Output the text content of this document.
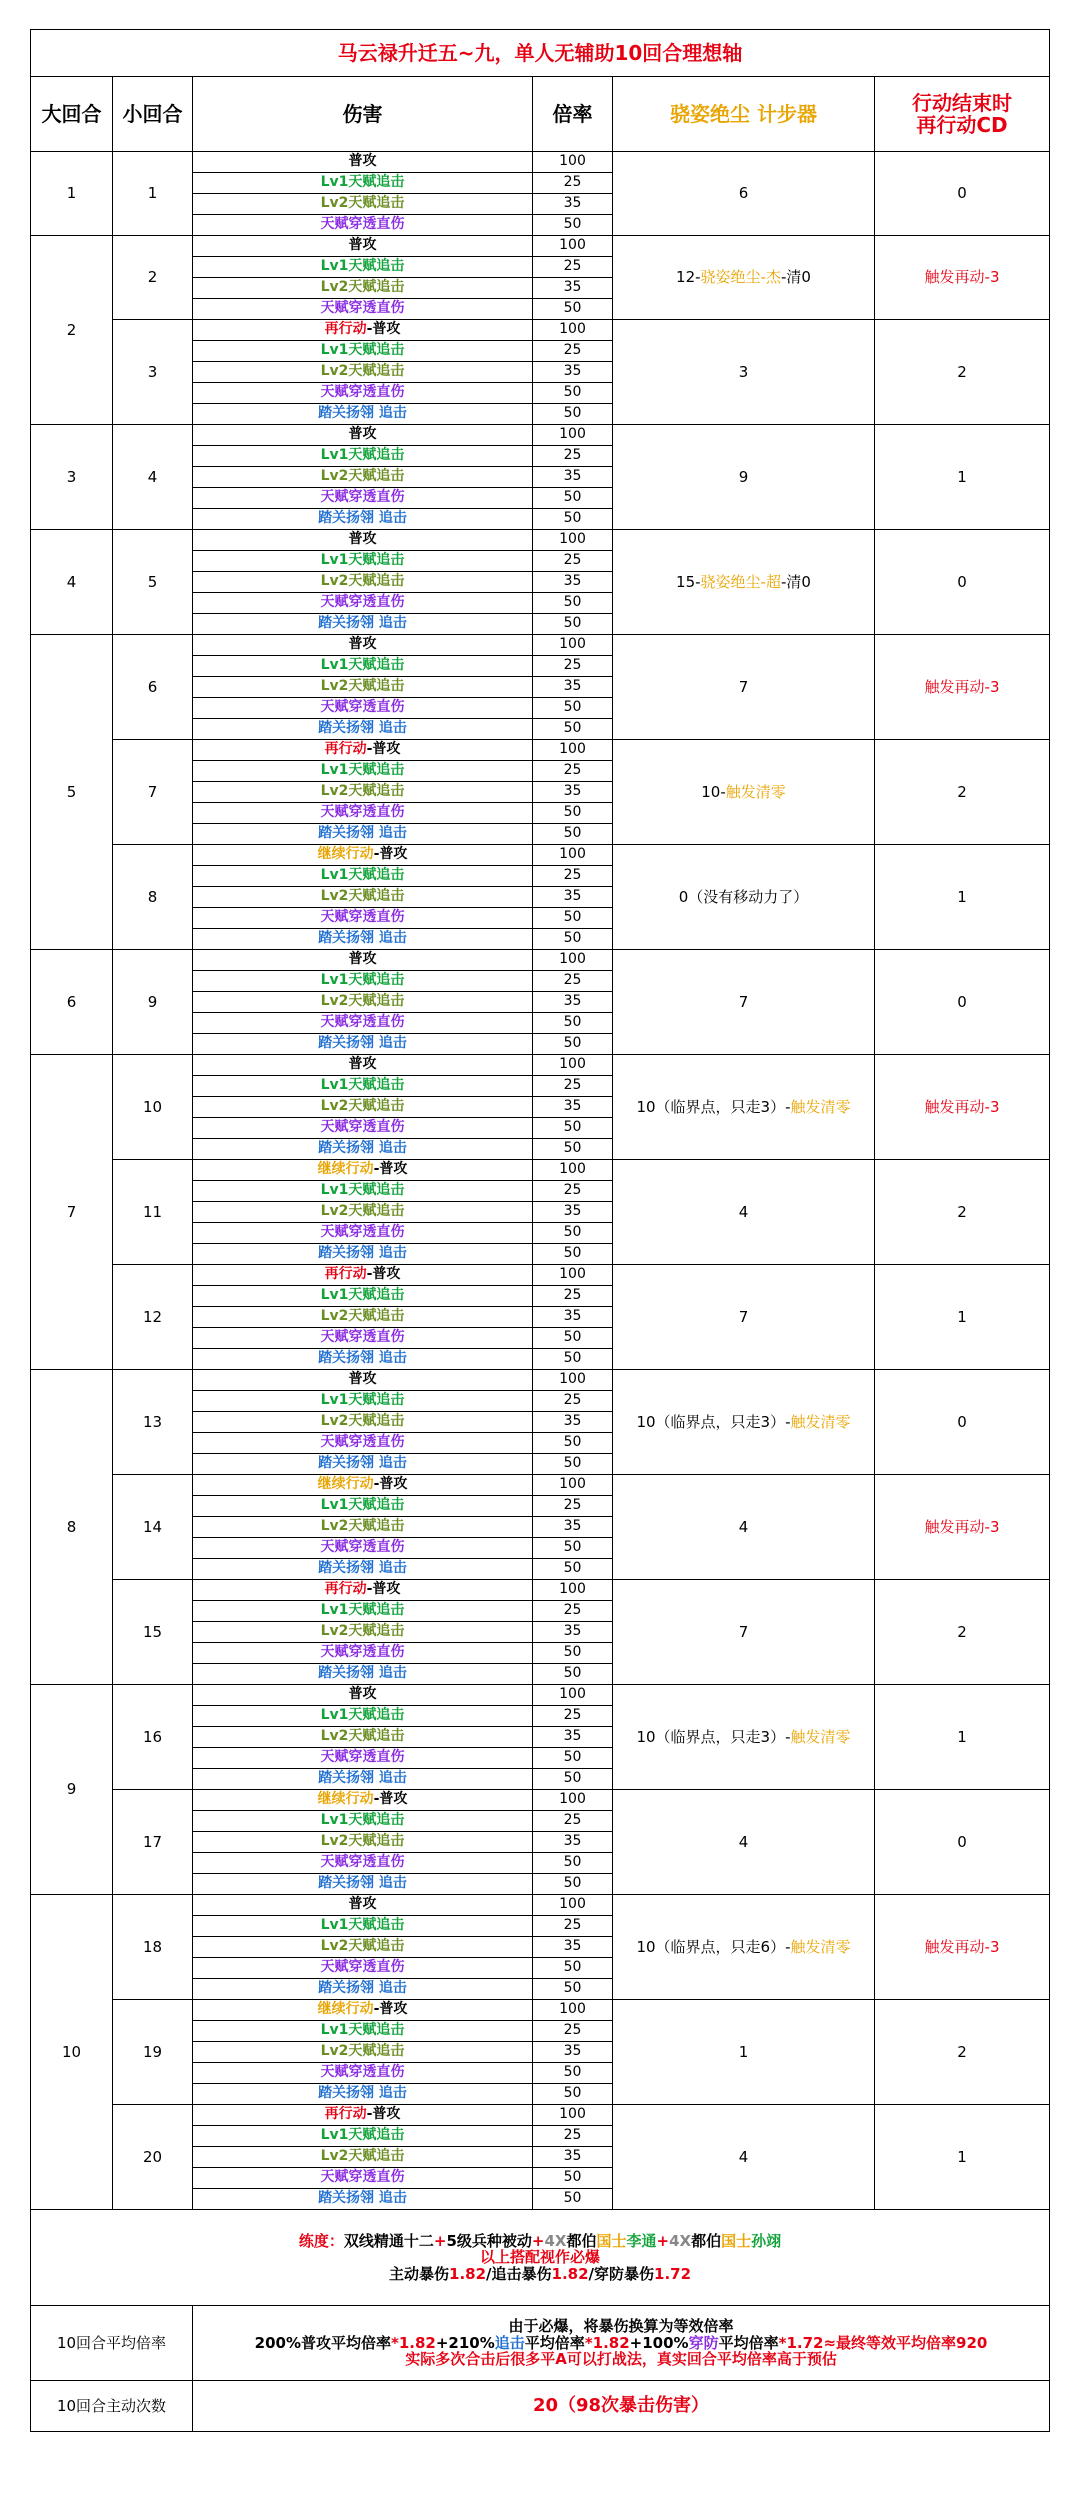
马云禄升迁五~九，单人无辅助10回合理想轴					
大回合	小回合	伤害	倍率	骁姿绝尘 计步器	行动结束时
再行动CD
1	1	普攻	100	6	0
		Lv1天赋追击	25		
		Lv2天赋追击	35		
		天赋穿透直伤	50		
2	2	普攻	100	12-骁姿绝尘-杰-清0	触发再动-3
		Lv1天赋追击	25		
		Lv2天赋追击	35		
		天赋穿透直伤	50		
	3	再行动-普攻	100	3	2
		Lv1天赋追击	25		
		Lv2天赋追击	35		
		天赋穿透直伤	50		
		踏关扬翎 追击	50		
3	4	普攻	100	9	1
		Lv1天赋追击	25		
		Lv2天赋追击	35		
		天赋穿透直伤	50		
		踏关扬翎 追击	50		
4	5	普攻	100	15-骁姿绝尘-超-清0	0
		Lv1天赋追击	25		
		Lv2天赋追击	35		
		天赋穿透直伤	50		
		踏关扬翎 追击	50		
5	6	普攻	100	7	触发再动-3
		Lv1天赋追击	25		
		Lv2天赋追击	35		
		天赋穿透直伤	50		
		踏关扬翎 追击	50		
	7	再行动-普攻	100	10-触发清零	2
		Lv1天赋追击	25		
		Lv2天赋追击	35		
		天赋穿透直伤	50		
		踏关扬翎 追击	50		
	8	继续行动-普攻	100	0（没有移动力了）	1
		Lv1天赋追击	25		
		Lv2天赋追击	35		
		天赋穿透直伤	50		
		踏关扬翎 追击	50		
6	9	普攻	100	7	0
		Lv1天赋追击	25		
		Lv2天赋追击	35		
		天赋穿透直伤	50		
		踏关扬翎 追击	50		
7	10	普攻	100	10（临界点，只走3）-触发清零	触发再动-3
		Lv1天赋追击	25		
		Lv2天赋追击	35		
		天赋穿透直伤	50		
		踏关扬翎 追击	50		
	11	继续行动-普攻	100	4	2
		Lv1天赋追击	25		
		Lv2天赋追击	35		
		天赋穿透直伤	50		
		踏关扬翎 追击	50		
	12	再行动-普攻	100	7	1
		Lv1天赋追击	25		
		Lv2天赋追击	35		
		天赋穿透直伤	50		
		踏关扬翎 追击	50		
8	13	普攻	100	10（临界点，只走3）-触发清零	0
		Lv1天赋追击	25		
		Lv2天赋追击	35		
		天赋穿透直伤	50		
		踏关扬翎 追击	50		
	14	继续行动-普攻	100	4	触发再动-3
		Lv1天赋追击	25		
		Lv2天赋追击	35		
		天赋穿透直伤	50		
		踏关扬翎 追击	50		
	15	再行动-普攻	100	7	2
		Lv1天赋追击	25		
		Lv2天赋追击	35		
		天赋穿透直伤	50		
		踏关扬翎 追击	50		
9	16	普攻	100	10（临界点，只走3）-触发清零	1
		Lv1天赋追击	25		
		Lv2天赋追击	35		
		天赋穿透直伤	50		
		踏关扬翎 追击	50		
	17	继续行动-普攻	100	4	0
		Lv1天赋追击	25		
		Lv2天赋追击	35		
		天赋穿透直伤	50		
		踏关扬翎 追击	50		
10	18	普攻	100	10（临界点，只走6）-触发清零	触发再动-3
		Lv1天赋追击	25		
		Lv2天赋追击	35		
		天赋穿透直伤	50		
		踏关扬翎 追击	50		
	19	继续行动-普攻	100	1	2
		Lv1天赋追击	25		
		Lv2天赋追击	35		
		天赋穿透直伤	50		
		踏关扬翎 追击	50		
	20	再行动-普攻	100	4	1
		Lv1天赋追击	25		
		Lv2天赋追击	35		
		天赋穿透直伤	50		
		踏关扬翎 追击	50		

练度：双线精通十二+5级兵种被动+4X都伯国士李通+4X都伯国士孙翊
以上搭配视作必爆
主动暴伤1.82/追击暴伤1.82/穿防暴伤1.72					

10回合平均倍率		由于必爆，将暴伤换算为等效倍率
200%普攻平均倍率*1.82+210%追击平均倍率*1.82+100%穿防平均倍率*1.72≈最终等效平均倍率920
实际多次合击后很多平A可以打战法，真实回合平均倍率高于预估			

10回合主动次数		20（98次暴击伤害）			
